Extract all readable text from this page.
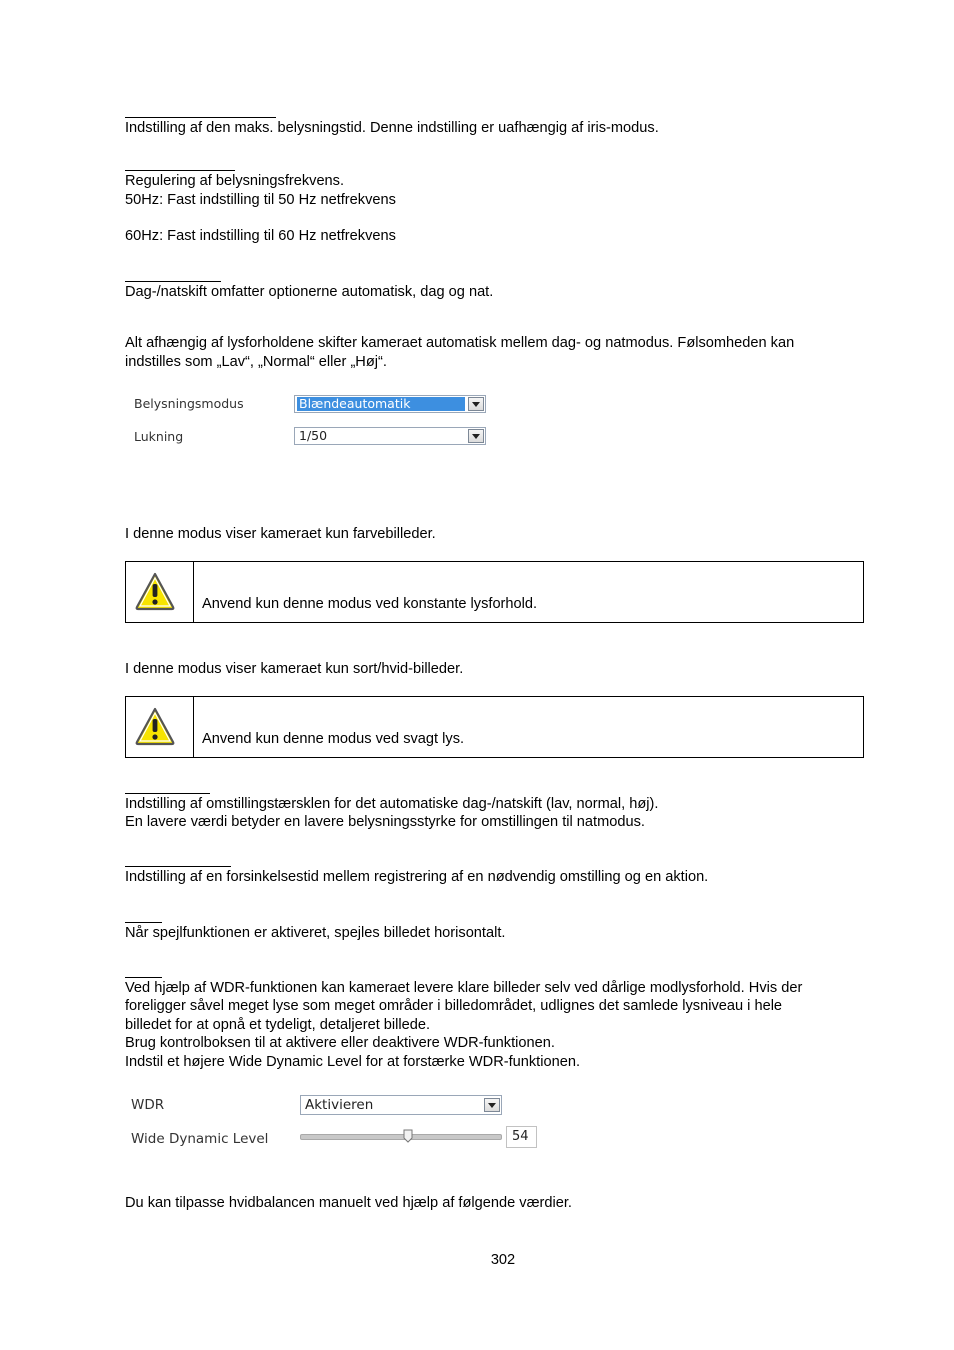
Indstilling af den maks. belysningstid. Denne indstilling er uafhængig af iris-modus.
Regulering af belysningsfrekvens.
50Hz: Fast indstilling til 50 Hz netfrekvens
60Hz: Fast indstilling til 60 Hz netfrekvens
Dag-/natskift omfatter optionerne automatisk, dag og nat.
Alt afhængig af lysforholdene skifter kameraet automatisk mellem dag- og natmodus. Følsomheden kan
indstilles som „Lav“, „Normal“ eller „Høj“.
Belysningsmodus	Blændeautomatik
Lukning	1/50
I denne modus viser kameraet kun farvebilleder.
Anvend kun denne modus ved konstante lysforhold.
I denne modus viser kameraet kun sort/hvid-billeder.
Anvend kun denne modus ved svagt lys.
Indstilling af omstillingstærsklen for det automatiske dag-/natskift (lav, normal, høj).
En lavere værdi betyder en lavere belysningsstyrke for omstillingen til natmodus.
Indstilling af en forsinkelsestid mellem registrering af en nødvendig omstilling og en aktion.
Når spejlfunktionen er aktiveret, spejles billedet horisontalt.
Ved hjælp af WDR-funktionen kan kameraet levere klare billeder selv ved dårlige modlysforhold. Hvis der
foreligger såvel meget lyse som meget områder i billedområdet, udlignes det samlede lysniveau i hele
billedet for at opnå et tydeligt, detaljeret billede.
Brug kontrolboksen til at aktivere eller deaktivere WDR-funktionen.
Indstil et højere Wide Dynamic Level for at forstærke WDR-funktionen.
WDR	Aktivieren
Wide Dynamic Level	54
Du kan tilpasse hvidbalancen manuelt ved hjælp af følgende værdier.
302
